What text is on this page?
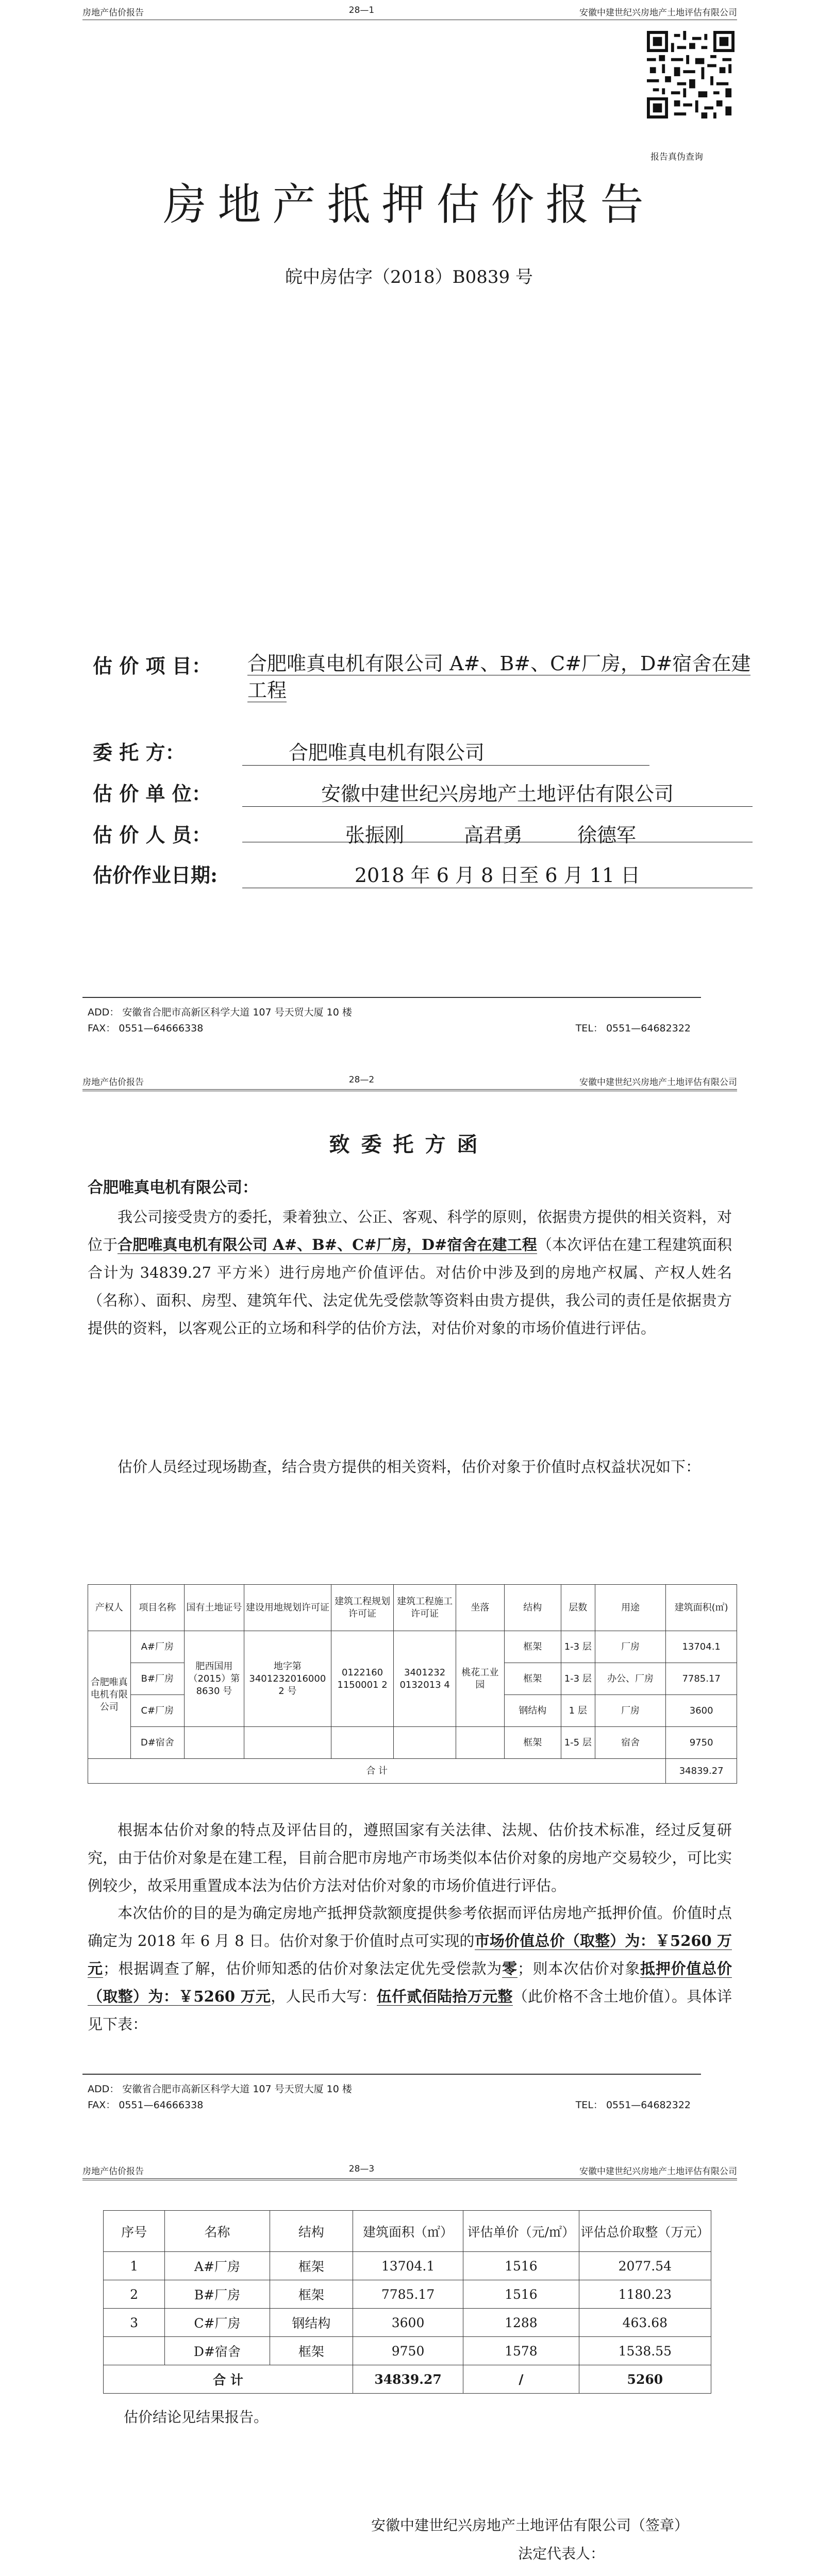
房地产估价报告	28—1	安徽中建世纪兴房地产土地评估有限公司
报告真伪查询
房地产抵押估价报告
皖中房估字（2018）B0839 号
估 价 项 目： 合肥唯真电机有限公司 A#、B#、C#厂房，D#宿舍在建工程
委 托 方：	合肥唯真电机有限公司
估 价 单 位：	安徽中建世纪兴房地产土地评估有限公司
估 价 人 员：	张振刚	高君勇	徐德军
估价作业日期:	2018 年 6 月 8 日至 6 月 11 日
ADD： 安徽省合肥市高新区科学大道 107 号天贸大厦 10 楼
FAX： 0551—64666338	TEL： 0551—64682322
房地产估价报告	28—2	安徽中建世纪兴房地产土地评估有限公司
致委托方函
合肥唯真电机有限公司：
我公司接受贵方的委托，秉着独立、公正、客观、科学的原则，依据贵方提供的相关资料，对位于合肥唯真电机有限公司 A#、B#、C#厂房，D#宿舍在建工程（本次评估在建工程建筑面积合计为 34839.27 平方米）进行房地产价值评估。对估价中涉及到的房地产权属、产权人姓名（名称）、面积、房型、建筑年代、法定优先受偿款等资料由贵方提供，我公司的责任是依据贵方提供的资料，以客观公正的立场和科学的估价方法，对估价对象的市场价值进行评估。
估价人员经过现场勘查，结合贵方提供的相关资料，估价对象于价值时点权益状况如下：
产权人	项目名称	国有土地证号	建设用地规划许可证	建筑工程规划许可证	建筑工程施工许可证	坐落	结构	层数	用途	建筑面积(㎡)
合肥唯真电机有限公司	A#厂房	肥西国用（2015）第 8630 号	地字第 3401232016000 2 号	0122160 1150001 2	3401232 0132013 4	桃花工业园	框架	1-3 层	厂房	13704.1
	B#厂房						框架	1-3 层	办公、厂房	7785.17
	C#厂房						钢结构	1 层	厂房	3600
	D#宿舍						框架	1-5 层	宿舍	9750
合 计										34839.27
根据本估价对象的特点及评估目的，遵照国家有关法律、法规、估价技术标准，经过反复研究，由于估价对象是在建工程，目前合肥市房地产市场类似本估价对象的房地产交易较少，可比实例较少，故采用重置成本法为估价方法对估价对象的市场价值进行评估。
本次估价的目的是为确定房地产抵押贷款额度提供参考依据而评估房地产抵押价值。价值时点确定为 2018 年 6 月 8 日。估价对象于价值时点可实现的市场价值总价（取整）为：￥5260 万元；根据调查了解，估价师知悉的估价对象法定优先受偿款为零；则本次估价对象抵押价值总价（取整）为：￥5260 万元，人民币大写：伍仟贰佰陆拾万元整（此价格不含土地价值）。具体详见下表：
ADD： 安徽省合肥市高新区科学大道 107 号天贸大厦 10 楼
FAX： 0551—64666338	TEL： 0551—64682322
房地产估价报告	28—3	安徽中建世纪兴房地产土地评估有限公司
序号	名称	结构	建筑面积（㎡）	评估单价（元/㎡）	评估总价取整（万元）
1	A#厂房	框架	13704.1	1516	2077.54
2	B#厂房	框架	7785.17	1516	1180.23
3	C#厂房	钢结构	3600	1288	463.68
	D#宿舍	框架	9750	1578	1538.55
合 计			34839.27	/	5260
估价结论见结果报告。
安徽中建世纪兴房地产土地评估有限公司（签章）
法定代表人：
